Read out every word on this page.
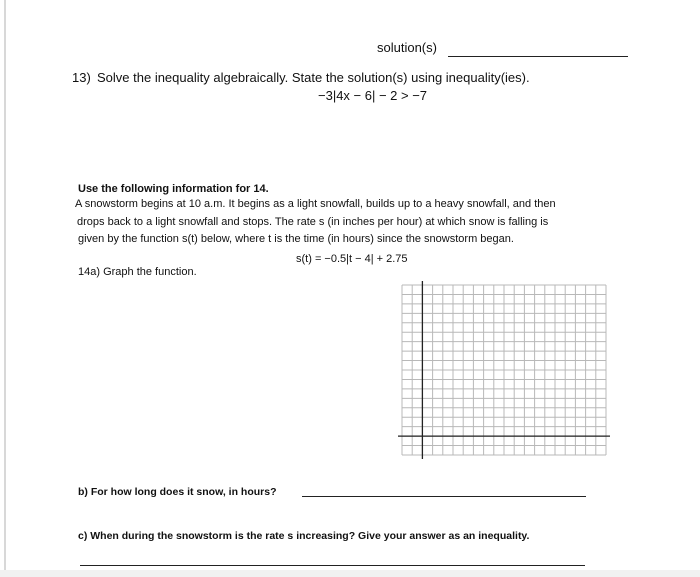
solution(s)
13) Solve the inequality algebraically. State the solution(s) using inequality(ies).
−3|4x − 6| − 2 > −7
Use the following information for 14.
A snowstorm begins at 10 a.m. It begins as a light snowfall, builds up to a heavy snowfall, and then
drops back to a light snowfall and stops. The rate s (in inches per hour) at which snow is falling is
given by the function s(t) below, where t is the time (in hours) since the snowstorm began.
s(t) = −0.5|t − 4| + 2.75
14a) Graph the function.
b) For how long does it snow, in hours?
c) When during the snowstorm is the rate s increasing? Give your answer as an inequality.
